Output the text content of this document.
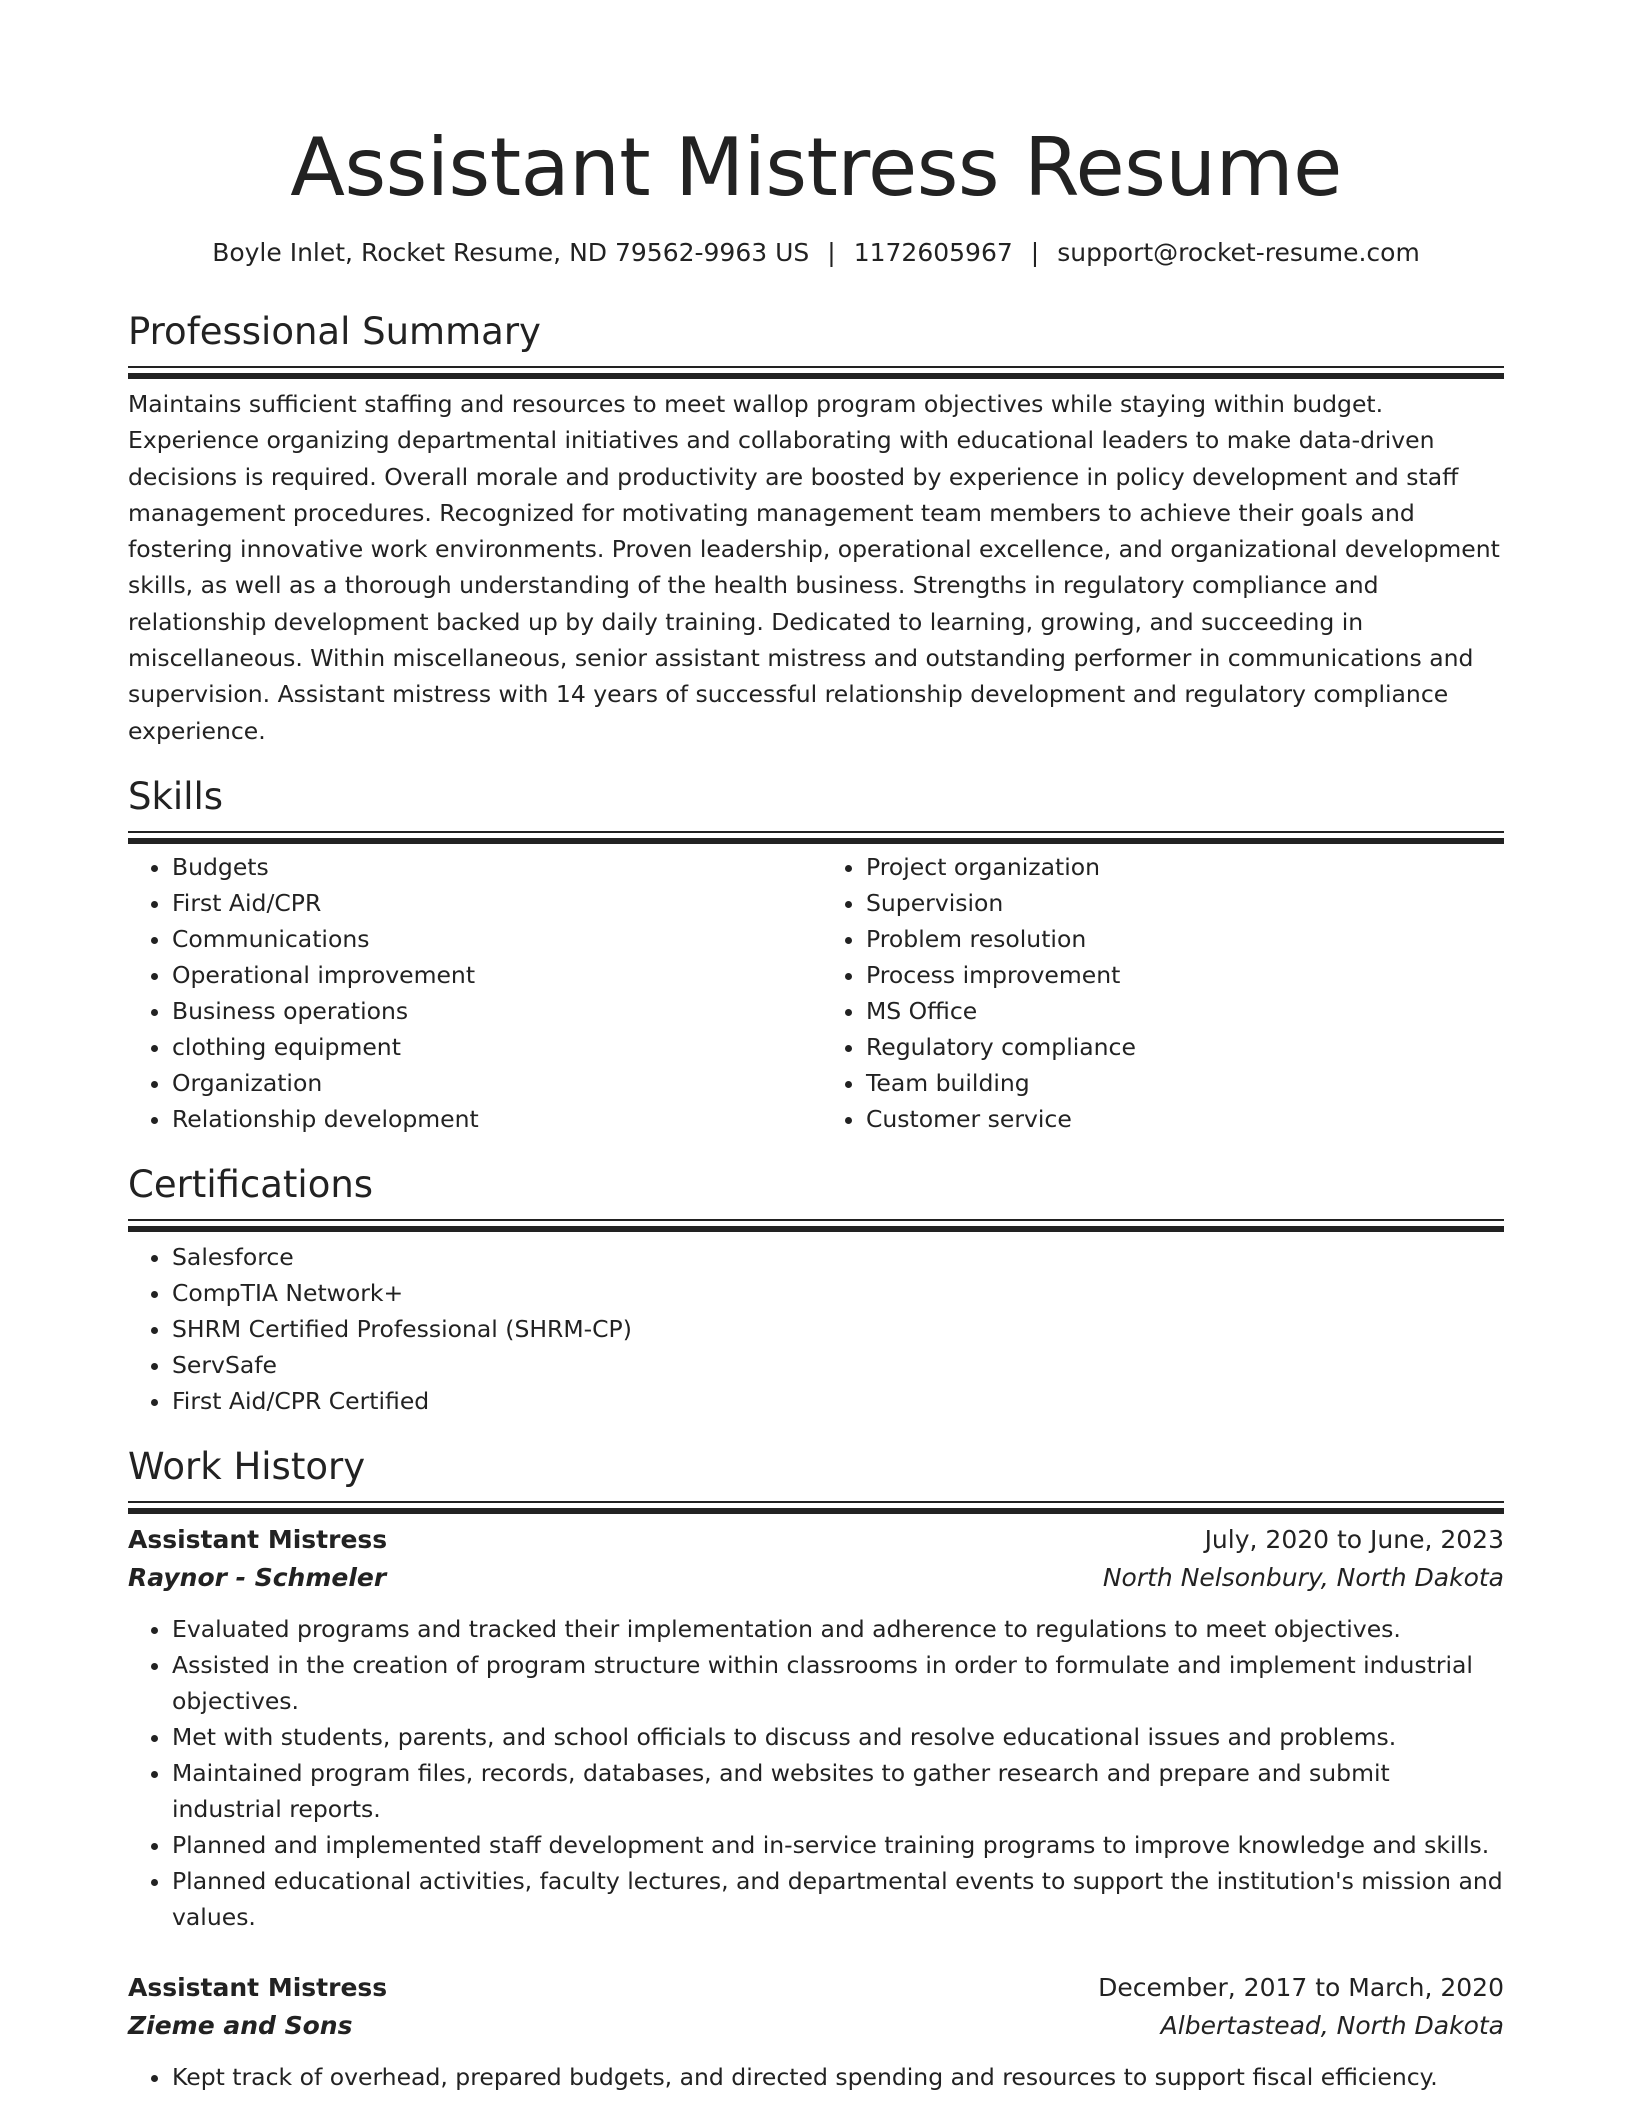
Assistant Mistress Resume
Boyle Inlet, Rocket Resume, ND 79562-9963 US | 1172605967 | support@rocket-resume.com
Professional Summary

Maintains sufficient staffing and resources to meet wallop program objectives while staying within budget. Experience organizing departmental initiatives and collaborating with educational leaders to make data-driven decisions is required. Overall morale and productivity are boosted by experience in policy development and staff management procedures. Recognized for motivating management team members to achieve their goals and fostering innovative work environments. Proven leadership, operational excellence, and organizational development skills, as well as a thorough understanding of the health business. Strengths in regulatory compliance and relationship development backed up by daily training. Dedicated to learning, growing, and succeeding in miscellaneous. Within miscellaneous, senior assistant mistress and outstanding performer in communications and supervision. Assistant mistress with 14 years of successful relationship development and regulatory compliance experience.

Skills
• Budgets
• First Aid/CPR
• Communications
• Operational improvement
• Business operations
• clothing equipment
• Organization
• Relationship development
• Project organization
• Supervision
• Problem resolution
• Process improvement
• MS Office
• Regulatory compliance
• Team building
• Customer service
Certifications
• Salesforce
• CompTIA Network+
• SHRM Certified Professional (SHRM-CP)
• ServSafe
• First Aid/CPR Certified
Work History
Assistant Mistress	July, 2020 to June, 2023
Raynor - Schmeler	North Nelsonbury, North Dakota
• Evaluated programs and tracked their implementation and adherence to regulations to meet objectives.
• Assisted in the creation of program structure within classrooms in order to formulate and implement industrial objectives.
• Met with students, parents, and school officials to discuss and resolve educational issues and problems.
• Maintained program files, records, databases, and websites to gather research and prepare and submit industrial reports.
• Planned and implemented staff development and in-service training programs to improve knowledge and skills.
• Planned educational activities, faculty lectures, and departmental events to support the institution's mission and values.
Assistant Mistress	December, 2017 to March, 2020
Zieme and Sons	Albertastead, North Dakota
• Kept track of overhead, prepared budgets, and directed spending and resources to support fiscal efficiency.
